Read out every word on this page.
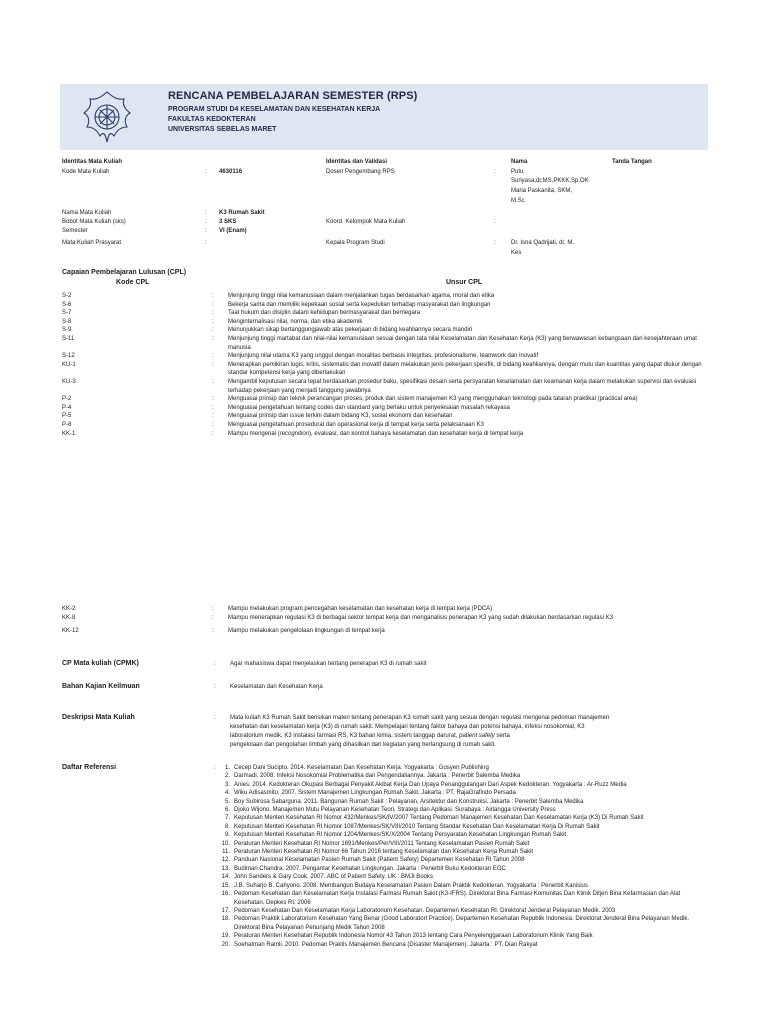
RENCANA PEMBELAJARAN SEMESTER (RPS)
PROGRAM STUDI D4 KESELAMATAN DAN KESEHATAN KERJA
FAKULTAS KEDOKTERAN
UNIVERSITAS SEBELAS MARET
Identitas Mata Kuliah	Identitas dan Validasi	Nama	Tanda Tangan
Kode Mata Kuliah	: 4630116	Dosen Pengembang RPS	:	Putu
Suriyasa,dr,MS,PKKK,Sp.OK
Maria Paskanita, SKM,
M.Sc
Nama Mata Kuliah	: K3 Rumah Sakit
Bobot Mata Kuliah (sks)	: 3 SKS	Koord. Kelompok Mata Kuliah	:
Semester	: VI (Enam)
Mata Kuliah Prasyarat	:	Kepala Program Studi	:	Dr. Isna Qadrijati, dr, M.
Kes
Capaian Pembelajaran Lulusan (CPL)
Kode CPL	Unsur CPL
S-2	:	Menjunjung tinggi nilai kemanusiaan dalam menjalankan tugas berdasarkan agama, moral dan etika
S-6	:	Bekerja sama dan memiliki kepekaan sosial serta kepedulian terhadap masyarakat dan lingkungan
S-7	:	Taat hukum dan disiplin dalam kehidupan bermasyarakat dan bernegara
S-8	:	Menginternalisasi nilai, norma, dan etika akademik
S-9	:	Menunjukkan sikap bertanggungjawab atas pekerjaan di bidang keahliannya secara mandiri
S-11	:	Menjunjung tinggi martabat dan nilai-nilai kemanusiaan sesuai dengan tata nilai Keselamatan dan Kesehatan Kerja (K3) yang berwawasan kebangsaan dan kesejahteraan umat manusia
S-12	:	Menjunjung nilai utama K3 yang unggul dengan moralitas berbasis integritas, profesionalisme, teamwork dan inovatif
KU-1	:	Menerapkan pemikiran logis, kritis, sistematis dan inovatif dalam melakukan jenis pekerjaan spesifik, di bidang keahliannya, dengan mutu dan kuantitas yang dapat diukur dengan standar kompetensi kerja yang diberlakukan
KU-3	:	Mengambil keputusan secara tepat berdasarkan prosedur baku, spesifikasi desain serta persyaratan keselamatan dan keamanan kerja dalam melakukan supervisi dan evaluasi terhadap pekerjaan yang menjadi tanggung jawabnya
P-2	:	Menguasai prinsip dan teknik perancangan proses, produk dan sistem manajemen K3 yang menggunakan teknologi pada tataran praktikal (practical area)
P-4	:	Menguasai pengetahuan tentang codes dan standard yang berlaku untuk penyelesaian masalah rekayasa
P-5	:	Menguasai prinsip dan issue terkini dalam bidang K3, sosial ekonomi dan kesehatan
P-8	:	Menguasai pengetahuan prosedural dan operasional kerja di tempat kerja serta pelaksanaan K3
KK-1	:	Mampu mengenal (recognition), evaluasi, dan kontrol bahaya keselamatan dan kesehatan kerja di tempat kerja
KK-2	:	Mampu melakukan program pencegahan keselamatan dan kesehatan kerja di tempat kerja (PDCA)
KK-8	:	Mampu menerapkan regulasi K3 di berbagai sektor tempat kerja dan menganalisis penerapan K3 yang sudah dilakukan berdasarkan regulasi K3
KK-12	:	Mampu melakukan pengelolaan lingkungan di tempat kerja
CP Mata kuliah (CPMK)	: Agar mahasiswa dapat menjelaskan tentang penerapan K3 di rumah sakit
Bahan Kajian Keilmuan	: Keselamatan dan Kesehatan Kerja
Deskripsi Mata Kuliah	: Mata kuliah K3 Rumah Sakit berisikan materi tentang penerapan K3 rumah sakit yang sesuai dengan regulasi mengenai pedoman manajemen
kesehatan dan keselamatan kerja (K3) di rumah sakit. Mempelajari tentang faktor bahaya dan potensi bahaya, infeksi nosokomial, K3
laboratorium medik, K3 instalasi farmasi RS, K3 bahan kimia, sistem tanggap darurat, patient safety serta
pengelolaan dan pengolahan limbah yang dihasilkan dari kegiatan yang berlangsung di rumah sakit.
Daftar Referensi	:	1. Cecep Dani Sucipto. 2014. Keselamatan Dan Kesehatan Kerja. Yogyakarta : Gosyen Publishing
2. Darmadi. 2008. Infeksi Nosokomial Problematika dan Pengendaliannya. Jakarta : Penerbit Salemba Medika
3. Anies. 2014. Kedokteran Okupasi Berbagai Penyakit Akibat Kerja Dan Upaya Penanggulangan Dari Aspek Kedokteran. Yogyakarta : Ar-Ruzz Media
4. Wiku Adisasmito. 2007. Sistem Manajemen Lingkungan Rumah Sakit. Jakarta : PT. RajaGrafindo Persada
5. Boy Subirosa Sabarguna. 2011. Bangunan Rumah Sakit : Pelayanan, Arsitektur dan Konstruksi. Jakarta : Penerbit Salemba Medika
6. Djoko Wijono. Manajemen Mutu Pelayanan Kesehatan Teori, Strategi dan Aplikasi. Surabaya : Airlangga University Press
7. Keputusan Menteri Kesehatan RI Nomor 432/Menkes/SK/IV/2007 Tentang Pedoman Manajemen Kesehatan Dan Keselamatan Kerja (K3) Di Rumah Sakit
8. Keputusan Menteri Kesehatan RI Nomor 1087/Menkes/SK/VIII/2010 Tentang Standar Kesehatan Dan Keselamatan Kerja Di Rumah Sakit
9. Keputusan Menteri Kesehatan RI Nomor 1204/Menkes/SK/X/2004 Tentang Persyaratan Kesehatan Lingkungan Rumah Sakit
10. Peraturan Menteri Kesehatan RI Nomor 1691/Menkes/Per/VIII/2011 Tentang Keselamatan Pasien Rumah Sakit
11. Peraturan Menteri Kesehatan RI Nomor 66 Tahun 2016 tentang Keselamatan dan Kesehatan Kerja Rumah Sakit
12. Panduan Nasional Keselamatan Pasien Rumah Sakit (Patient Safety) Departemen Kesehatan RI Tahun 2008
13. Budiman Chandra. 2007. Pengantar Kesehatan Lingkungan. Jakarta : Penerbit Buku Kedokteran EGC
14. John Sanders & Gary Cook. 2007. ABC of Patient Safety. UK : BMJI Books
15. J.B. Suharjo B. Cahyono. 2008. Membangun Budaya Keselamatan Pasien Dalam Praktik Kedokteran. Yogyakarta : Penerbit Kanisius
16. Pedoman Kesehatan dan Keselamatan Kerja Instalasi Farmasi Rumah Sakit (K3-IFRS). Direktorat Bina Farmasi Komunitas Dan Klinik Ditjen Bina Kefarmasian dan Alat Kesehatan. Depkes RI. 2006
17. Pedoman Kesehatan Dan Keselamatan Kerja Laboratorium Kesehatan. Departemen Kesehatan RI. Direktorat Jenderal Pelayanan Medik. 2003
18. Pedoman Praktik Laboratorium Kesehatan Yang Benar (Good Laboratort Practice). Departemen Kesehatan Republik Indonesia. Direktorat Jenderal Bina Pelayanan Medik. Direktorat Bina Pelayanan Penunjang Medik Tahun 2008
19. Peraturan Menteri Kesehatan Republik Indonesia Nomor 43 Tahun 2013 tentang Cara Penyelenggaraan Laboratorium Klinik Yang Baik
20. Soehatman Ramli. 2010. Pedoman Praktis Manajemen Bencana (Disaster Manajemen). Jakarta : PT. Dian Rakyat
